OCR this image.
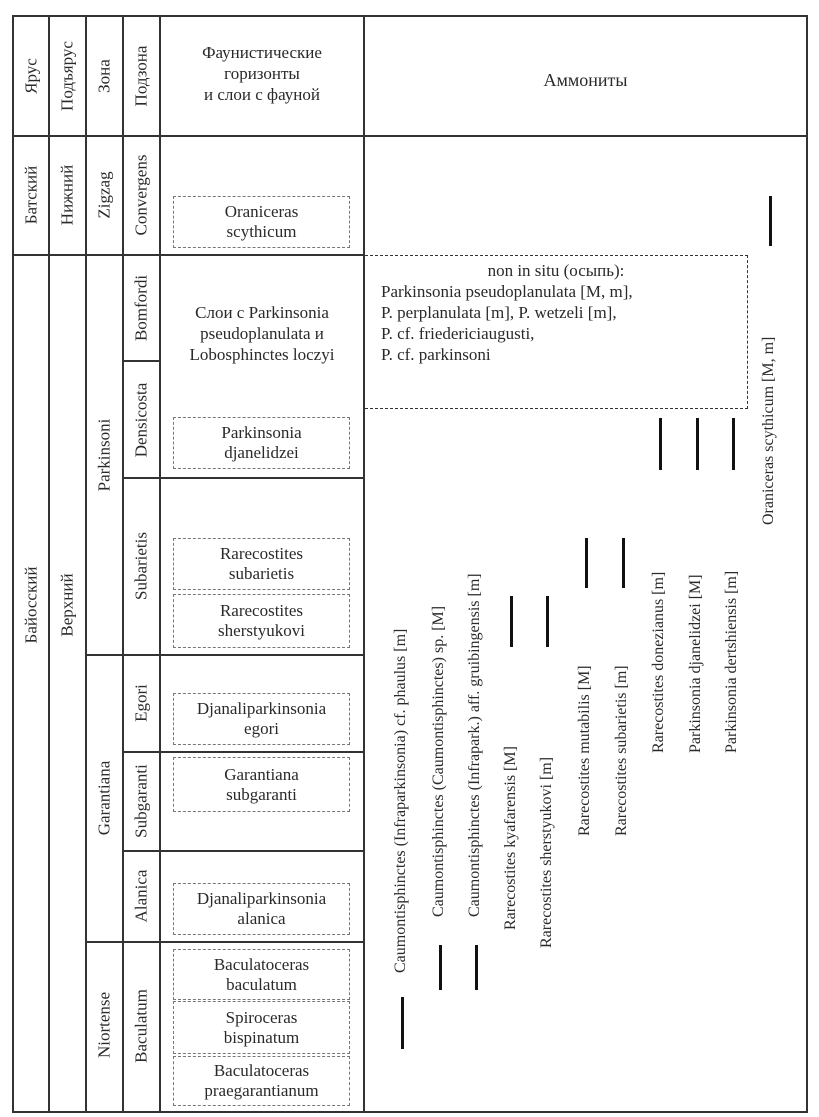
Ярус Подъярус Зона Подзона	Фаунистические
горизонты
и слои с фауной
Аммониты
Батский Нижний
Байосский Верхний
Zigzag
Parkinsoni
Garantiana
Niortense
Convergens
Bomfordi
Densicosta
Subarietis
Egori
Subgaranti
Alanica
Baculatum
Oraniceras
scythicum
Слои с Parkinsonia
pseudoplanulata и
Lobosphinctes loczyi
Parkinsonia
djanelidzei
Rarecostites
subarietis
Rarecostites
sherstyukovi
Djanaliparkinsonia
egori
Garantiana
subgaranti
Djanaliparkinsonia
alanica
Baculatoceras
baculatum
Spiroceras
bispinatum
Baculatoceras
praegarantianum
non in situ (осыпь):
Parkinsonia pseudoplanulata [M, m],
P. perplanulata [m], P. wetzeli [m],
P. cf. friedericiaugusti,
P. cf. parkinsoni
Caumontisphinctes (Infraparkinsonia) cf. phaulus [m] Caumontisphinctes (Caumontisphinctes) sp. [M] Caumontisphinctes (Infrapark.) aff. gruibingensis [m] Rarecostites kyafarensis [M] Rarecostites sherstyukovi [m]
Rarecostites mutabilis [M] Rarecostites subarietis [m] Rarecostites donezianus [m] Parkinsonia djanelidzei [M] Parkinsonia dertshiensis [m]
Oraniceras scythicum [M, m]
